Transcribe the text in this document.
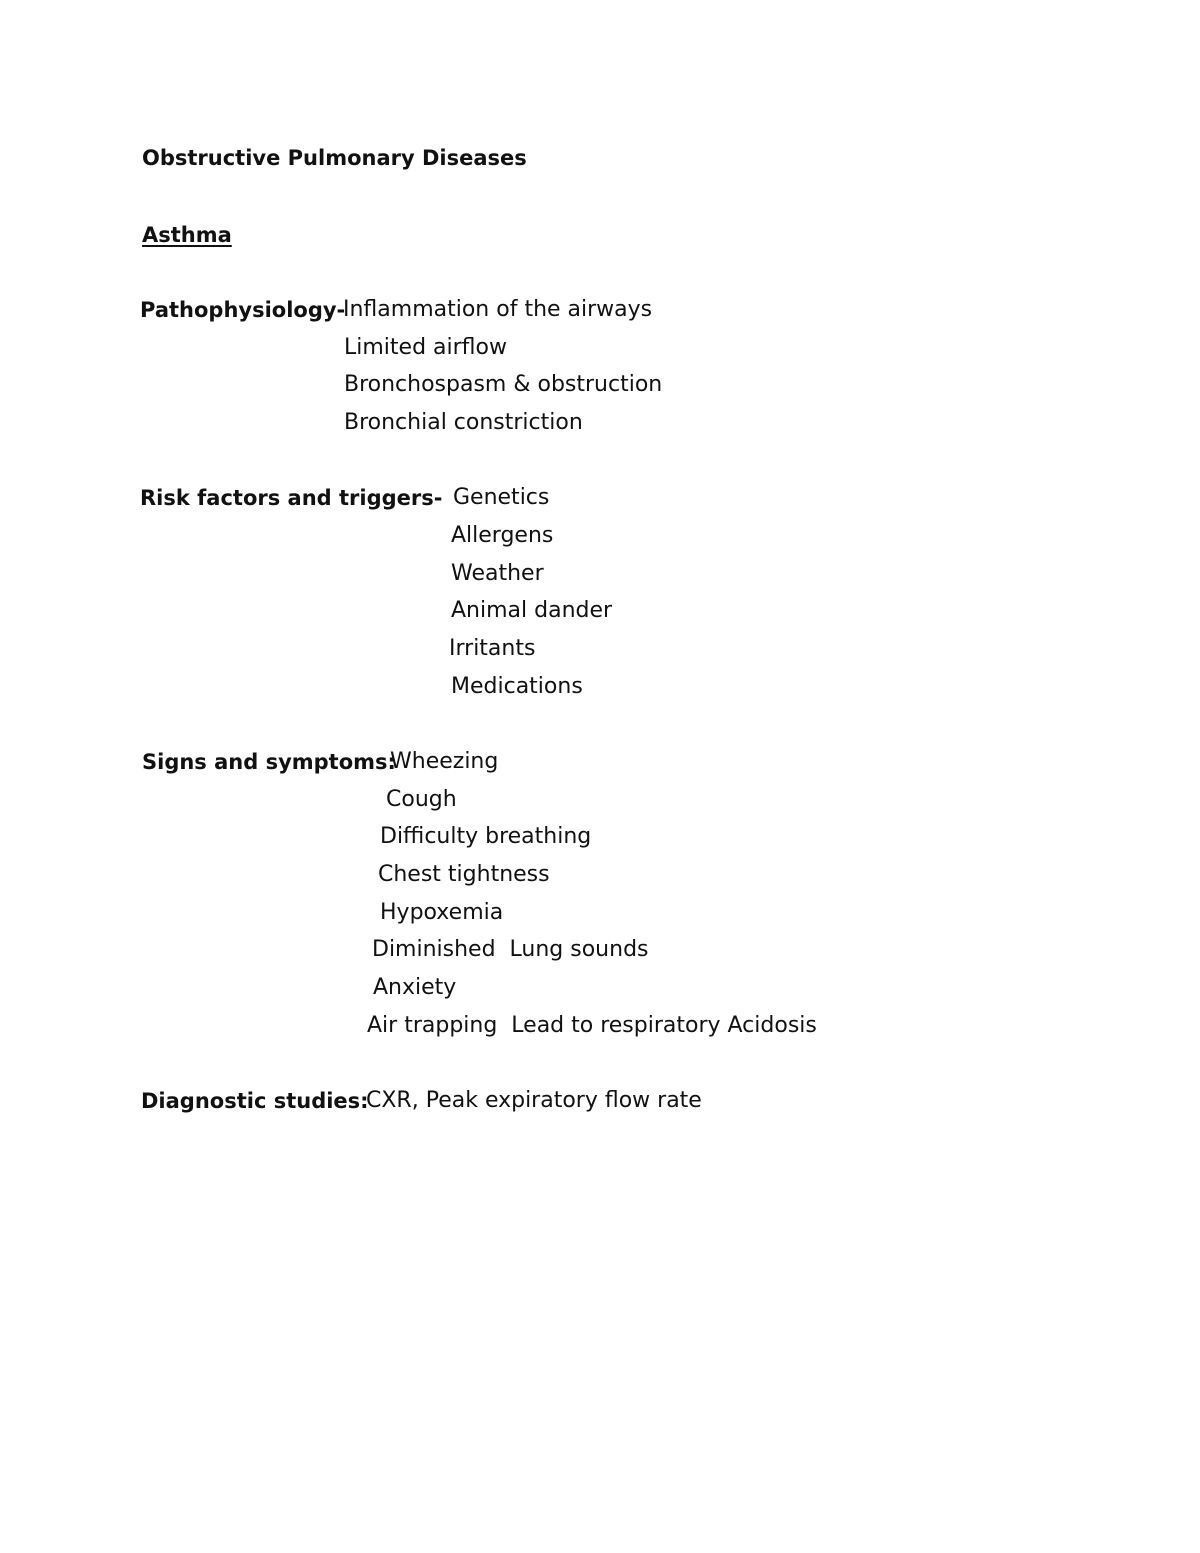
Obstructive Pulmonary Diseases
Asthma
Pathophysiology-
Inflammation of the airways
Limited airflow
Bronchospasm & obstruction
Bronchial constriction
Risk factors and triggers- Genetics
Allergens
Weather
Animal dander
Irritants
Medications
Signs and symptoms:
Wheezing
Cough
Difficulty breathing
Chest tightness
Hypoxemia
Diminished  Lung sounds
Anxiety
Air trapping  Lead to respiratory Acidosis
Diagnostic studies:
CXR, Peak expiratory flow rate
